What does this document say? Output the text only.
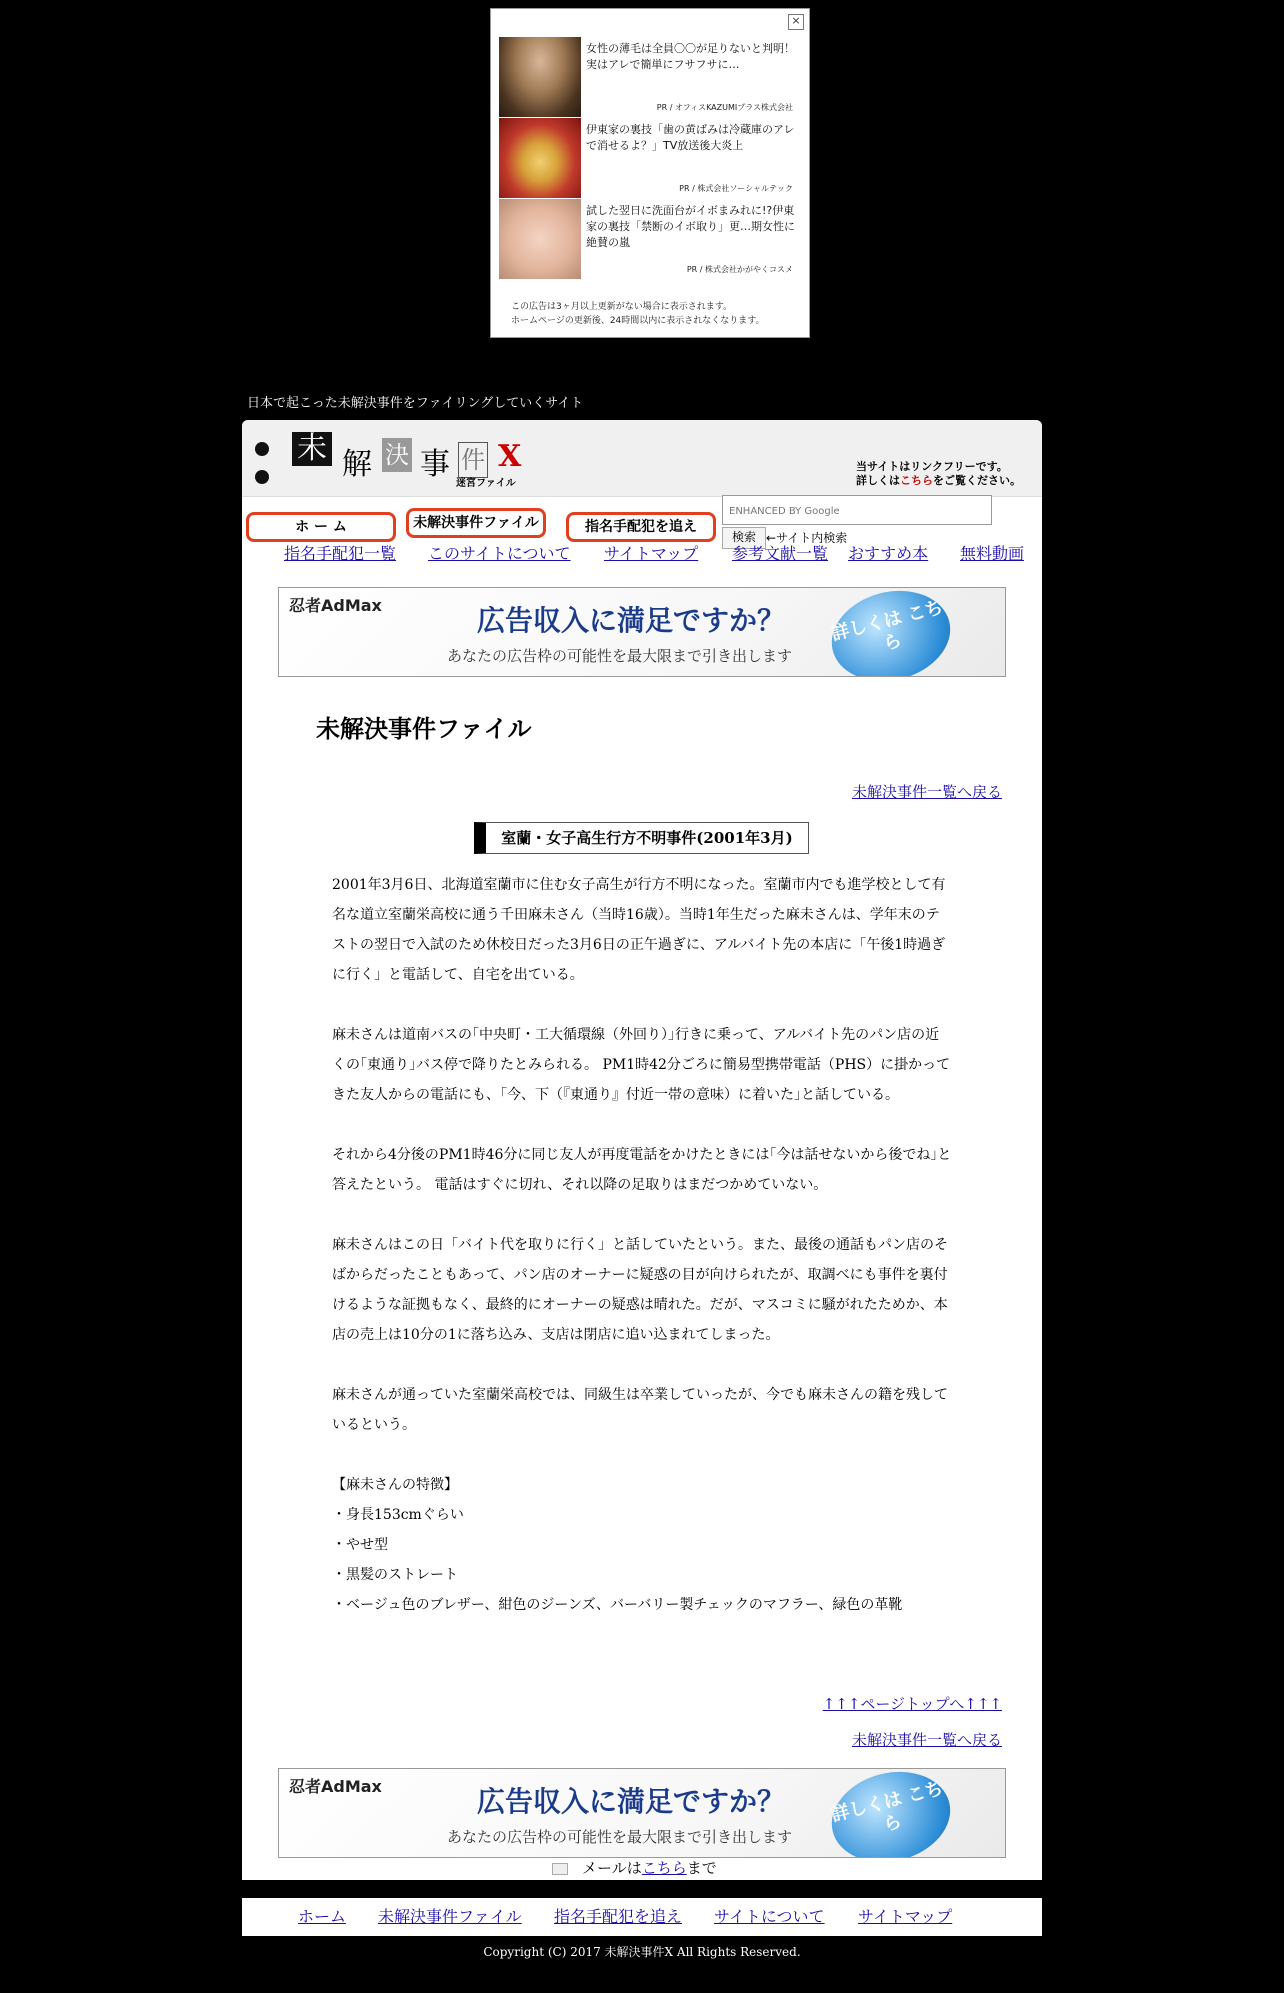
×
女性の薄毛は全員〇〇が足りないと判明！実はアレで簡単にフサフサに…
PR / オフィスKAZUMIプラス株式会社
伊東家の裏技「歯の黄ばみは冷蔵庫のアレで消せるよ？」TV放送後大炎上
PR / 株式会社ソーシャルテック
試した翌日に洗面台がイボまみれに!?伊東家の裏技「禁断のイボ取り」更…期女性に絶賛の嵐
PR / 株式会社かがやくコスメ
この広告は3ヶ月以上更新がない場合に表示されます。
ホームページの更新後、24時間以内に表示されなくなります。
日本で起こった未解決事件をファイリングしていくサイト
未 解 決 事 件 X
迷宮ファイル
当サイトはリンクフリーです。
詳しくはこちらをご覧ください。
ENHANCED BY Google
検索 ←サイト内検索
ホ ー ム	未解決事件ファイル	指名手配犯を追え
指名手配犯一覧 このサイトについて サイトマップ 参考文献一覧 おすすめ本 無料動画
忍者AdMax	広告収入に満足ですか？
あなたの広告枠の可能性を最大限まで引き出します
詳しくは こちら
未解決事件ファイル
未解決事件一覧へ戻る
室蘭・女子高生行方不明事件(2001年3月)

2001年3月6日、北海道室蘭市に住む女子高生が行方不明になった。室蘭市内でも進学校として有名な道立室蘭栄高校に通う千田麻未さん（当時16歳）。当時1年生だった麻未さんは、学年末のテストの翌日で入試のため休校日だった3月6日の正午過ぎに、アルバイト先の本店に「午後1時過ぎに行く」と電話して、自宅を出ている。

麻未さんは道南バスの｢中央町・工大循環線（外回り）｣行きに乗って、アルバイト先のパン店の近くの｢東通り｣バス停で降りたとみられる。 PM1時42分ごろに簡易型携帯電話（PHS）に掛かってきた友人からの電話にも、｢今、下（『東通り』付近一帯の意味）に着いた｣と話している。

それから4分後のPM1時46分に同じ友人が再度電話をかけたときには｢今は話せないから後でね｣と答えたという。 電話はすぐに切れ、それ以降の足取りはまだつかめていない。

麻未さんはこの日「バイト代を取りに行く」と話していたという。また、最後の通話もパン店のそばからだったこともあって、パン店のオーナーに疑惑の目が向けられたが、取調べにも事件を裏付けるような証拠もなく、最終的にオーナーの疑惑は晴れた。だが、マスコミに騒がれたためか、本店の売上は10分の1に落ち込み、支店は閉店に追い込まれてしまった。

麻未さんが通っていた室蘭栄高校では、同級生は卒業していったが、今でも麻未さんの籍を残しているという。

【麻未さんの特徴】
・身長153cmぐらい
・やせ型
・黒髪のストレート
・ベージュ色のブレザー、紺色のジーンズ、バーバリー製チェックのマフラー、緑色の革靴
↑↑↑ページトップへ↑↑↑
未解決事件一覧へ戻る
忍者AdMax	広告収入に満足ですか？
あなたの広告枠の可能性を最大限まで引き出します
詳しくは こちら
メールはこちらまで
ホーム 未解決事件ファイル 指名手配犯を追え サイトについて サイトマップ
Copyright (C) 2017 未解決事件X All Rights Reserved.
